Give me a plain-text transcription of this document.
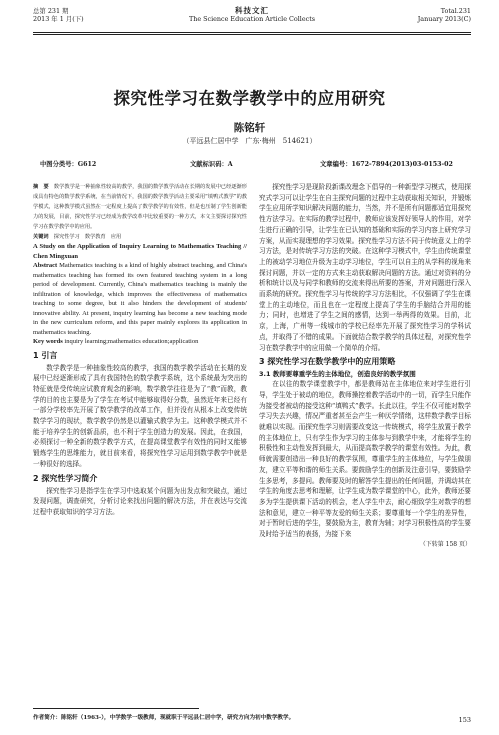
总第 231 期
2013 年 1 月(下)
科技文汇
The Science Education Article Collects
Total.231
January 2013(C)
探究性学习在数学教学中的应用研究
陈铭轩
（平远县仁居中学　广东·梅州　514621）
中图分类号：G612	文献标识码：A	文章编号：1672-7894(2013)03-0153-02

摘　要　 数学教学是一种抽象性较高的教学，我国的数学教学活动在长期的发展中已经逐渐形成具有特色的数学教学系统，在当前情况下，我国的数学教学活动主要采用“填鸭式教学”的教学模式，这种教学模式虽然在一定程度上提高了数学教学的有效性，但是也压制了学生创新能力的发展，目前，探究性学习已经成为教学改革中比较重要的一种方式，本文主要探讨探究性学习在数学教学中的应用。

关键词　 探究性学习　数学教育　应用

A Study on the Application of Inquiry Learning to Mathematics Teaching // Chen Mingxuan

Abstract Mathematics teaching is a kind of highly abstract teaching, and China's mathematics teaching has formed its own featured teaching system in a long period of development. Currently, China's mathematics teaching is mainly the infiltration of knowledge, which improves the effectiveness of mathematics teaching to some degree, but it also hinders the development of students' innovative ability. At present, inquiry learning has become a new teaching mode in the new curriculum reform, and this paper mainly explores its application in mathematics teaching.

Key words inquiry learning;mathematics education;application

1 引言

数学教学是一种抽象性较高的教学，我国的数学教学活动在长期的发展中已经逐渐形成了具有我国特色的数学教学系统，这个系统最为突出的特征就是受传统应试教育观念的影响，数学教学往往是为了“教”而教，教学的目的也主要是为了学生在考试中能够取得好分数，虽然近年来已经有一部分学校率先开展了数学教学的改革工作，但并没有从根本上改变传统数学学习的现状，数学教学仍然是以灌输式教学为主。这种教学模式并不能于培养学生的创新品质，也不利于学生创造力的发展。因此，在我国，必须探讨一种全新的数学教学方式，在提高课堂教学有效性的同时又能够锻炼学生的思维能力，就目前来看，将探究性学习运用到数学教学中就是一种很好的选择。

2 探究性学习简介

探究性学习是指学生在学习中选取某个问题为出发点和突破点，通过发现问题，调查研究，分析讨论来找出问题的解决方法，并在表达与交流过程中获取知识的学习方法。

探究性学习是现阶段新课改理念下倡导的一种新型学习模式，使用探究式学习可以让学生在自主探究问题的过程中主动获取相关知识，并锻炼学生应用所学知识解决问题的能力，当然，并不是所有问题都适宜用探究性方法学习。在实际的教学过程中，教师应该发挥好领导人的作用，对学生进行正确的引导，让学生在已认知的基础和实际的学习内容上研究学习方案，从而实现理想的学习效果。探究性学习方法不同于传统意义上的学习方法，是对传统学习方法的突破。在这种学习模式中，学生由传统课堂上的被动学习地位升级为主动学习地位，学生可以自主的从学科的视角来探讨问题，并以一定的方式来主动获取解决问题的方法。通过对资料的分析和统计以及与同学和教师的交流来得出所要的答案，并对问题进行深入而系统的研究。探究性学习与传统的学习方法相比，不仅强调了学生在课堂上的主动地位，而且也在一定程度上提高了学生的手脑结合并用的能力；同时，也增进了学生之间的感情，达到一举两得的效果。目前，北京，上海，广州等一线城市的学校已经率先开展了探究性学习的学科试点，并取得了不错的成果。下面就结合数学教学的具体过程，对探究性学习在数学教学中的应用做一个简单的介绍。

3 探究性学习在数学教学中的应用策略
3.1 教师要尊重学生的主体地位，创造良好的教学氛围

在以往的数学课堂教学中，都是教师站在主体地位来对学生进行引导，学生处于被动的地位，教师操控着教学活动中的一切，而学生只能作为接受者被动的接受这种“填鸭式”教学。长此以往，学生不仅可能对数学学习失去兴趣，情况严重者甚至会产生一种厌学情绪，这样数学教学目标就难以实现。而探究性学习则需要改变这一传统模式，将学生放置于教学的主体地位上，只有学生作为学习的主体参与到教学中来，才能将学生的积极性和主动性发挥到最大，从而提高数学教学的课堂有效性。为此，教师就需要创造出一种良好的教学氛围，尊重学生的主体地位，与学生做朋友，建立平等和谐的师生关系。要鼓励学生的创新及注意引导，要鼓励学生多思考，多提问。教师要及时的解答学生提出的任何问题，并调动其在学生的角度去思考和理解，让学生成为数学课堂的中心，此外，教师还要多为学生提供课下活动的机会，老人学生中去，耐心细致学生对数学的想法和意见，建立一种平等友爱的师生关系；要尊重每一个学生的差异性，对于暂时后进的学生，要鼓励为主，教育为辅；对学习积极性高的学生要及时给予适当的表扬，为接下来

（下转第 158 页）
作者简介：陈铭轩（1963-），中学数学一级教师，现就职于平远县仁居中学，研究方向为初中数学教学。	153
